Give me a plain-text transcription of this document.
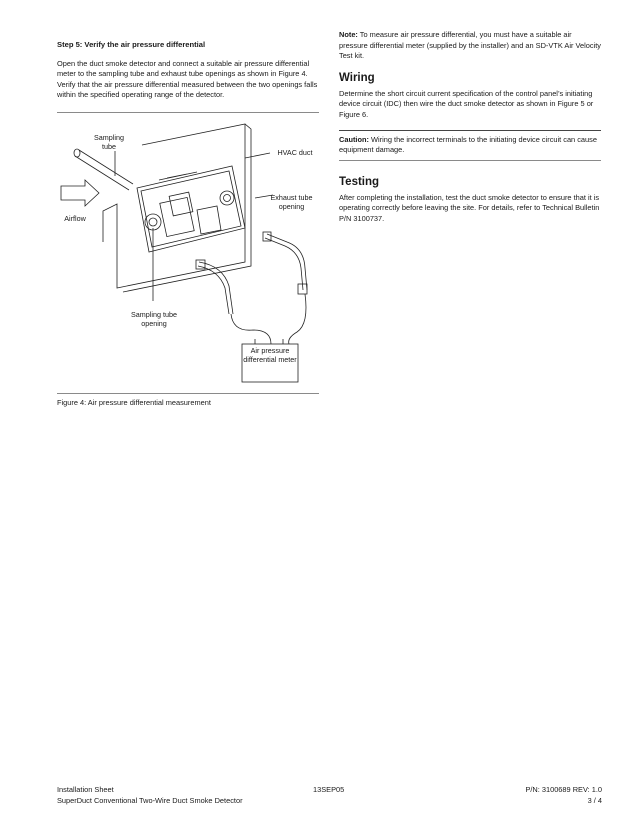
Step 5: Verify the air pressure differential

Open the duct smoke detector and connect a suitable air pressure differential meter to the sampling tube and exhaust tube openings as shown in Figure 4. Verify that the air pressure differential measured between the two openings falls within the specified operating range of the detector.

Sampling tube
HVAC duct
Exhaust tube opening
Airflow
Sampling tube opening
Air pressure differential meter
Figure 4: Air pressure differential measurement

Note: To measure air pressure differential, you must have a suitable air pressure differential meter (supplied by the installer) and an SD-VTK Air Velocity Test kit.

Wiring

Determine the short circuit current specification of the control panel’s initiating device circuit (IDC) then wire the duct smoke detector as shown in Figure 5 or Figure 6.

Caution: Wiring the incorrect terminals to the initiating device circuit can cause equipment damage.

Testing

After completing the installation, test the duct smoke detector to ensure that it is operating correctly before leaving the site. For details, refer to Technical Bulletin P/N 3100737.

Installation Sheet
SuperDuct Conventional Two-Wire Duct Smoke Detector
13SEP05	P/N: 3100689 REV: 1.0
3 / 4
